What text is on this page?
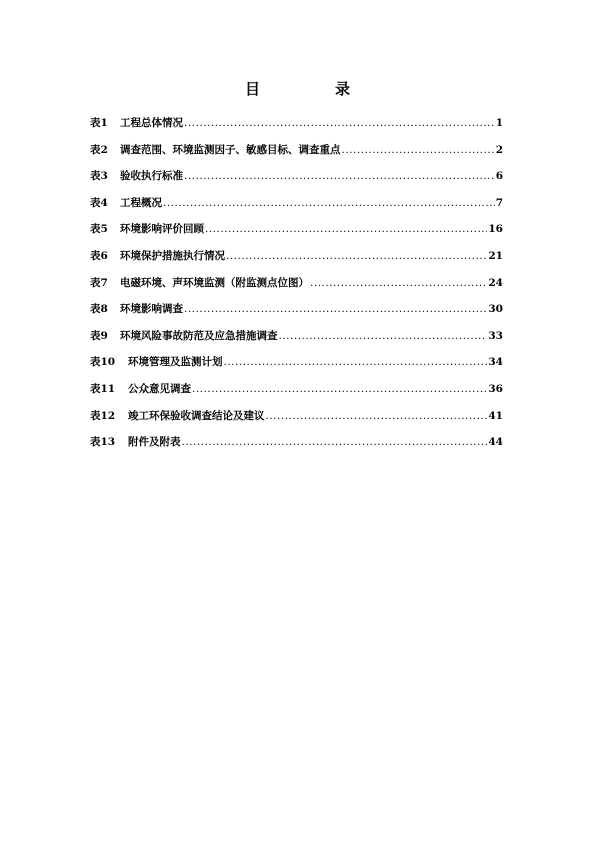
目　录
表1	工程总体情况 .....	1
表2	调查范围、环境监测因子、敏感目标、调查重点 .....	2
表3	验收执行标准 .....	6
表4	工程概况 .....	7
表5	环境影响评价回顾 .....	16
表6	环境保护措施执行情况 .....	21
表7	电磁环境、声环境监测（附监测点位图） .....	24
表8	环境影响调查 .....	30
表9	环境风险事故防范及应急措施调查 .....	33
表10	环境管理及监测计划 .....	34
表11	公众意见调查 .....	36
表12	竣工环保验收调查结论及建议 .....	41
表13	附件及附表 .....	44
